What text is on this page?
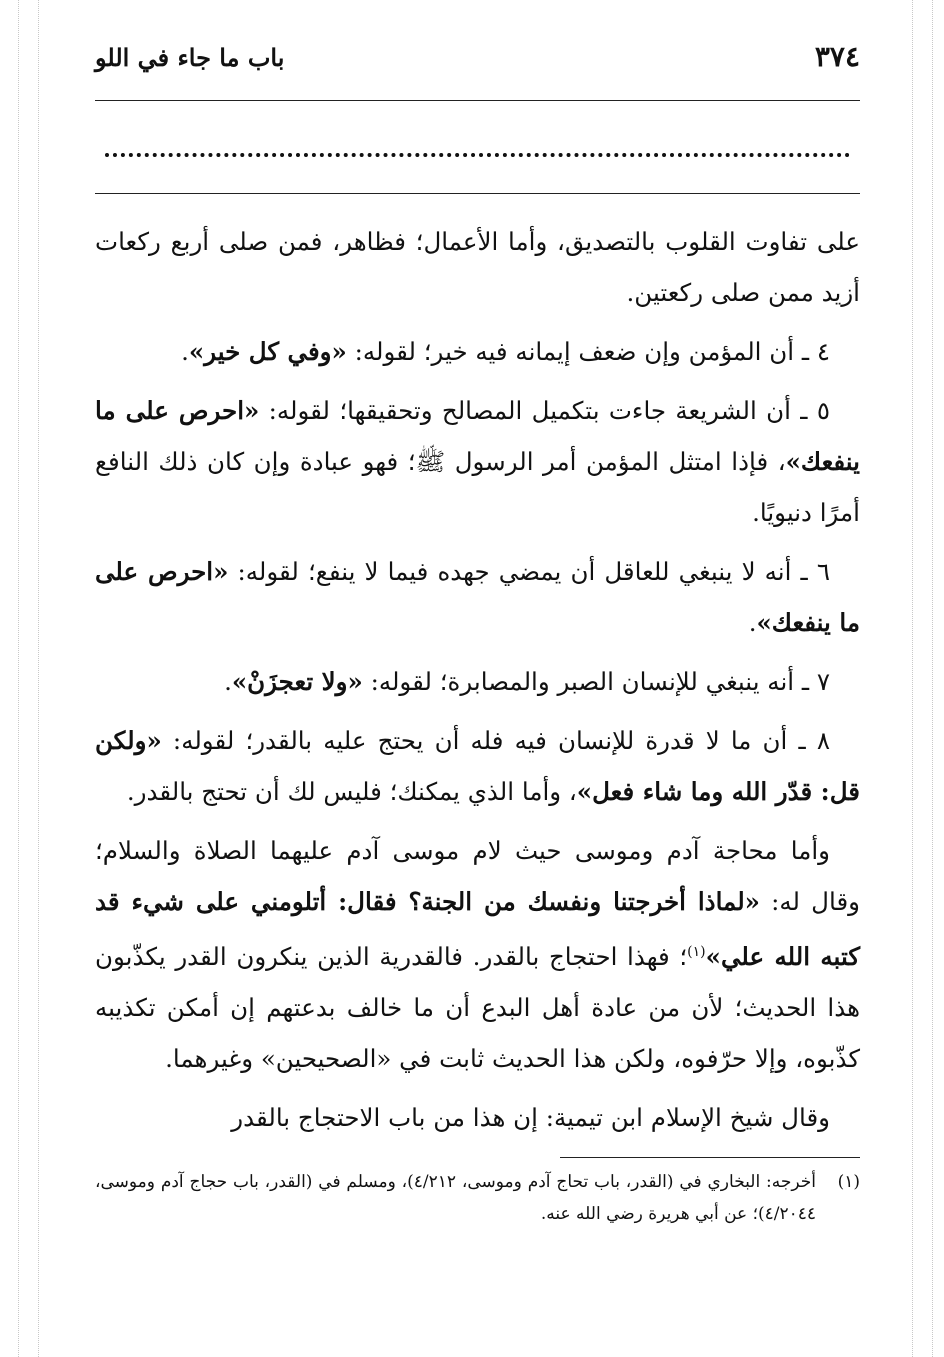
٣٧٤
باب ما جاء في اللو

على تفاوت القلوب بالتصديق، وأما الأعمال؛ فظاهر، فمن صلى أربع ركعات أزيد ممن صلى ركعتين.

٤ ـ أن المؤمن وإن ضعف إيمانه فيه خير؛ لقوله: «وفي كل خير».

٥ ـ أن الشريعة جاءت بتكميل المصالح وتحقيقها؛ لقوله: «احرص على ما ينفعك»، فإذا امتثل المؤمن أمر الرسول ﷺ؛ فهو عبادة وإن كان ذلك النافع أمرًا دنيويًا.

٦ ـ أنه لا ينبغي للعاقل أن يمضي جهده فيما لا ينفع؛ لقوله: «احرص على ما ينفعك».

٧ ـ أنه ينبغي للإنسان الصبر والمصابرة؛ لقوله: «ولا تعجزَنْ».

٨ ـ أن ما لا قدرة للإنسان فيه فله أن يحتج عليه بالقدر؛ لقوله: «ولكن قل: قدّر الله وما شاء فعل»، وأما الذي يمكنك؛ فليس لك أن تحتج بالقدر.

وأما محاجة آدم وموسى حيث لام موسى آدم عليهما الصلاة والسلام؛ وقال له: «لماذا أخرجتنا ونفسك من الجنة؟ فقال: أتلومني على شيء قد كتبه الله علي»$^{(١)}$؛ فهذا احتجاج بالقدر. فالقدرية الذين ينكرون القدر يكذّبون هذا الحديث؛ لأن من عادة أهل البدع أن ما خالف بدعتهم إن أمكن تكذيبه كذّبوه، وإلا حرّفوه، ولكن هذا الحديث ثابت في «الصحيحين» وغيرهما.

وقال شيخ الإسلام ابن تيمية: إن هذا من باب الاحتجاج بالقدر

(١)
أخرجه: البخاري في (القدر، باب تحاج آدم وموسى، ٤/٢١٢)، ومسلم في (القدر، باب حجاج آدم وموسى، ٤/٢٠٤٤)؛ عن أبي هريرة رضي الله عنه.
